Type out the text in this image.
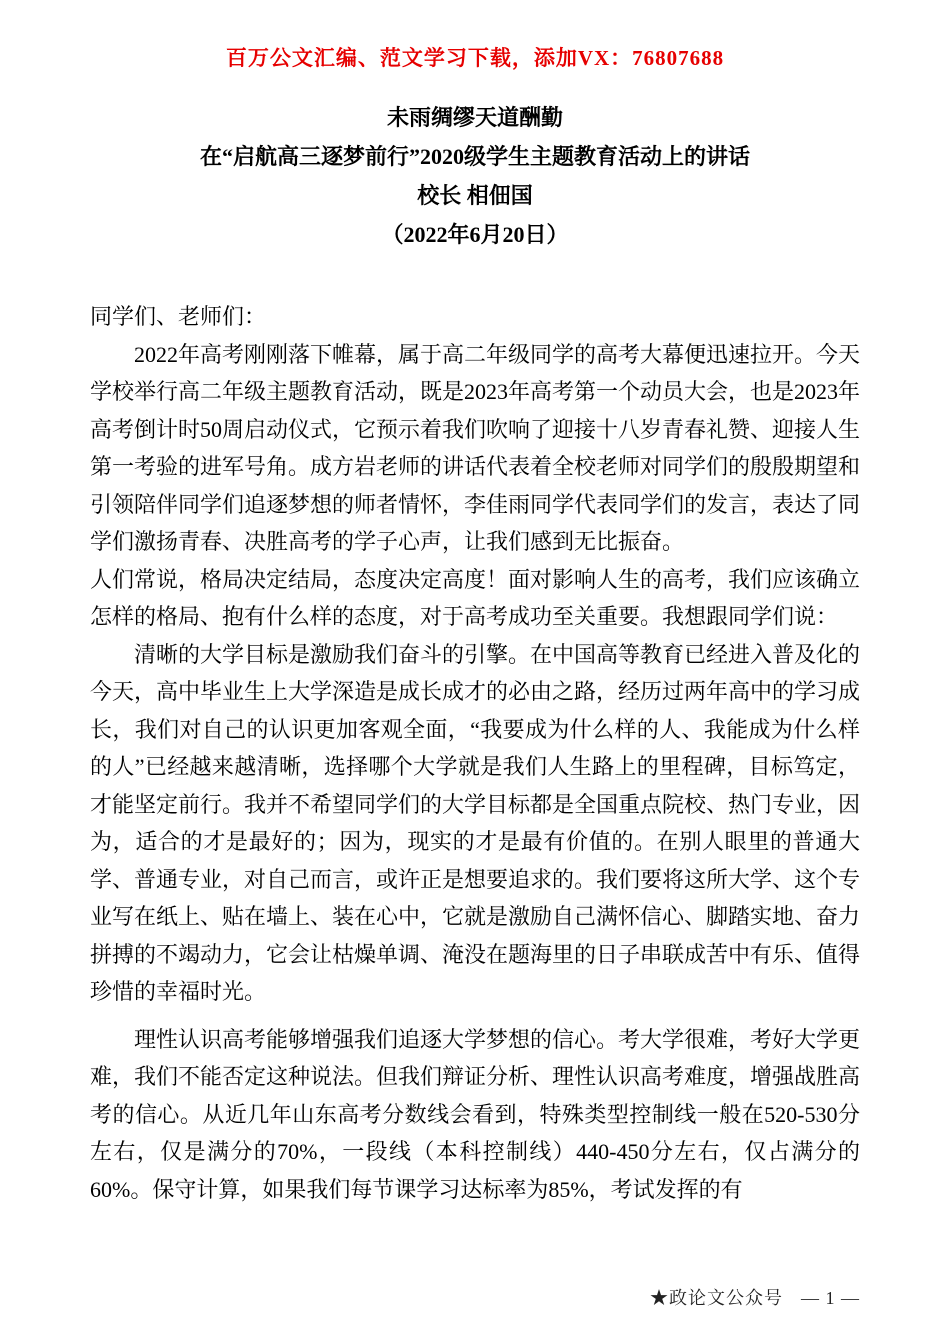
百万公文汇编、范文学习下载，添加VX：76807688
未雨绸缪天道酬勤
在“启航高三逐梦前行”2020级学生主题教育活动上的讲话
校长 相佃国
（2022年6月20日）

同学们、老师们：

2022年高考刚刚落下帷幕，属于高二年级同学的高考大幕便迅速拉开。今天学校举行高二年级主题教育活动，既是2023年高考第一个动员大会，也是2023年高考倒计时50周启动仪式，它预示着我们吹响了迎接十八岁青春礼赞、迎接人生第一考验的进军号角。成方岩老师的讲话代表着全校老师对同学们的殷殷期望和引领陪伴同学们追逐梦想的师者情怀，李佳雨同学代表同学们的发言，表达了同学们激扬青春、决胜高考的学子心声，让我们感到无比振奋。

人们常说，格局决定结局，态度决定高度！面对影响人生的高考，我们应该确立怎样的格局、抱有什么样的态度，对于高考成功至关重要。我想跟同学们说：

清晰的大学目标是激励我们奋斗的引擎。在中国高等教育已经进入普及化的今天，高中毕业生上大学深造是成长成才的必由之路，经历过两年高中的学习成长，我们对自己的认识更加客观全面，“我要成为什么样的人、我能成为什么样的人”已经越来越清晰，选择哪个大学就是我们人生路上的里程碑，目标笃定，才能坚定前行。我并不希望同学们的大学目标都是全国重点院校、热门专业，因为，适合的才是最好的；因为，现实的才是最有价值的。在别人眼里的普通大学、普通专业，对自己而言，或许正是想要追求的。我们要将这所大学、这个专业写在纸上、贴在墙上、装在心中，它就是激励自己满怀信心、脚踏实地、奋力拼搏的不竭动力，它会让枯燥单调、淹没在题海里的日子串联成苦中有乐、值得珍惜的幸福时光。

理性认识高考能够增强我们追逐大学梦想的信心。考大学很难，考好大学更难，我们不能否定这种说法。但我们辩证分析、理性认识高考难度，增强战胜高考的信心。从近几年山东高考分数线会看到，特殊类型控制线一般在520-530分左右，仅是满分的70%，一段线（本科控制线）440-450分左右，仅占满分的60%。保守计算，如果我们每节课学习达标率为85%，考试发挥的有

★政论文公众号 — 1 —
